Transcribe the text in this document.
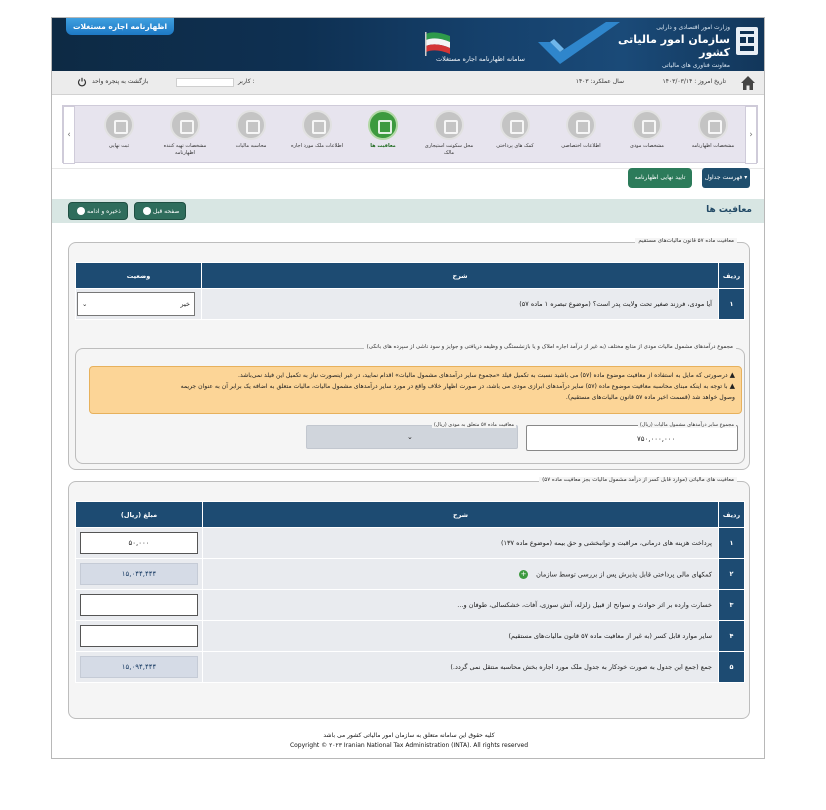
اظهارنامه اجاره مستغلات
سامانه اظهارنامه اجاره مستغلات
وزارت امور اقتصادی و دارایی
سازمان امور مالیاتی کشور
معاونت فناوری های مالیاتی
تاریخ امروز : ۱۴۰۳/۰۳/۱۴
سال عملکرد: ۱۴۰۳
کاربر :
بازگشت به پنجره واحد
‹	›
مشخصات اظهارنامه
مشخصات مودی
اطلاعات اختصاصی
کمک های پرداختی
محل سکونت استیجاری مالک
معافیت ها
اطلاعات ملک مورد اجاره
محاسبه مالیات
مشخصات تهیه کننده اظهارنامه
ثبت نهایی
فهرست جداول ▾
تایید نهایی اظهارنامه
معافیت ها
صفحه قبل
ذخیره و ادامه
معافیت ماده ۵۷ قانون مالیات‌های مستقیم
وضعیت	شرح	ردیف

⌄ خیر	آیا مودی، فرزند صغیر تحت ولایت پدر است؟ (موضوع تبصره ۱ ماده ۵۷)	۱
مجموع درآمدهای مشمول مالیات مودی از منابع مختلف (به غیر از درآمد اجاره املاک و یا بازنشستگی و وظیفه دریافتی و جوایز و سود ناشی از سپرده های بانکی)
▲درصورتی که مایل به استفاده از معافیت موضوع ماده (۵۷) می باشید نسبت به تکمیل فیلد «مجموع سایر درآمدهای مشمول مالیات» اقدام نمایید، در غیر اینصورت نیاز به تکمیل این فیلد نمی‌باشد.
▲با توجه به اینکه مبنای محاسبه معافیت موضوع ماده (۵۷) سایر درآمدهای ابرازی مودی می باشد، در صورت اظهار خلاف واقع در مورد سایر درآمدهای مشمول مالیات، مالیات متعلق به اضافه یک برابر آن به عنوان جریمه
وصول خواهد شد (قسمت اخیر ماده ۵۷ قانون مالیات‌های مستقیم).
۷۵۰,۰۰۰,۰۰۰
مجموع سایر درآمدهای مشمول مالیات (ریال)
⌄
معافیت ماده ۵۷ متعلق به مودی (ریال)
معافیت های مالیاتی (موارد قابل کسر از درآمد مشمول مالیات بجز معافیت ماده ۵۷)
مبلغ (ریال)	شرح	ردیف

۵۰,۰۰۰	پرداخت هزینه های درمانی، مراقبت و توانبخشی و حق بیمه (موضوع ماده ۱۳۷)	۱

۱۵,۰۴۴,۴۴۴	کمکهای مالی پرداختی قابل پذیرش پس از بررسی توسط سازمان +	۲

	خسارت وارده بر اثر حوادث و سوانح از قبیل زلزله، آتش سوزی، آفات، خشکسالی، طوفان و...	۳

	سایر موارد قابل کسر (به غیر از معافیت ماده ۵۷ قانون مالیات‌های مستقیم)	۴

۱۵,۰۹۴,۴۴۴	جمع (جمع این جدول به صورت خودکار به جدول ملک مورد اجاره بخش محاسبه منتقل نمی گردد.)	۵
کلیه حقوق این سامانه متعلق به سازمان امور مالیاتی کشور می باشد
Copyright © ۲۰۲۳ Iranian National Tax Administration (INTA). All rights reserved
